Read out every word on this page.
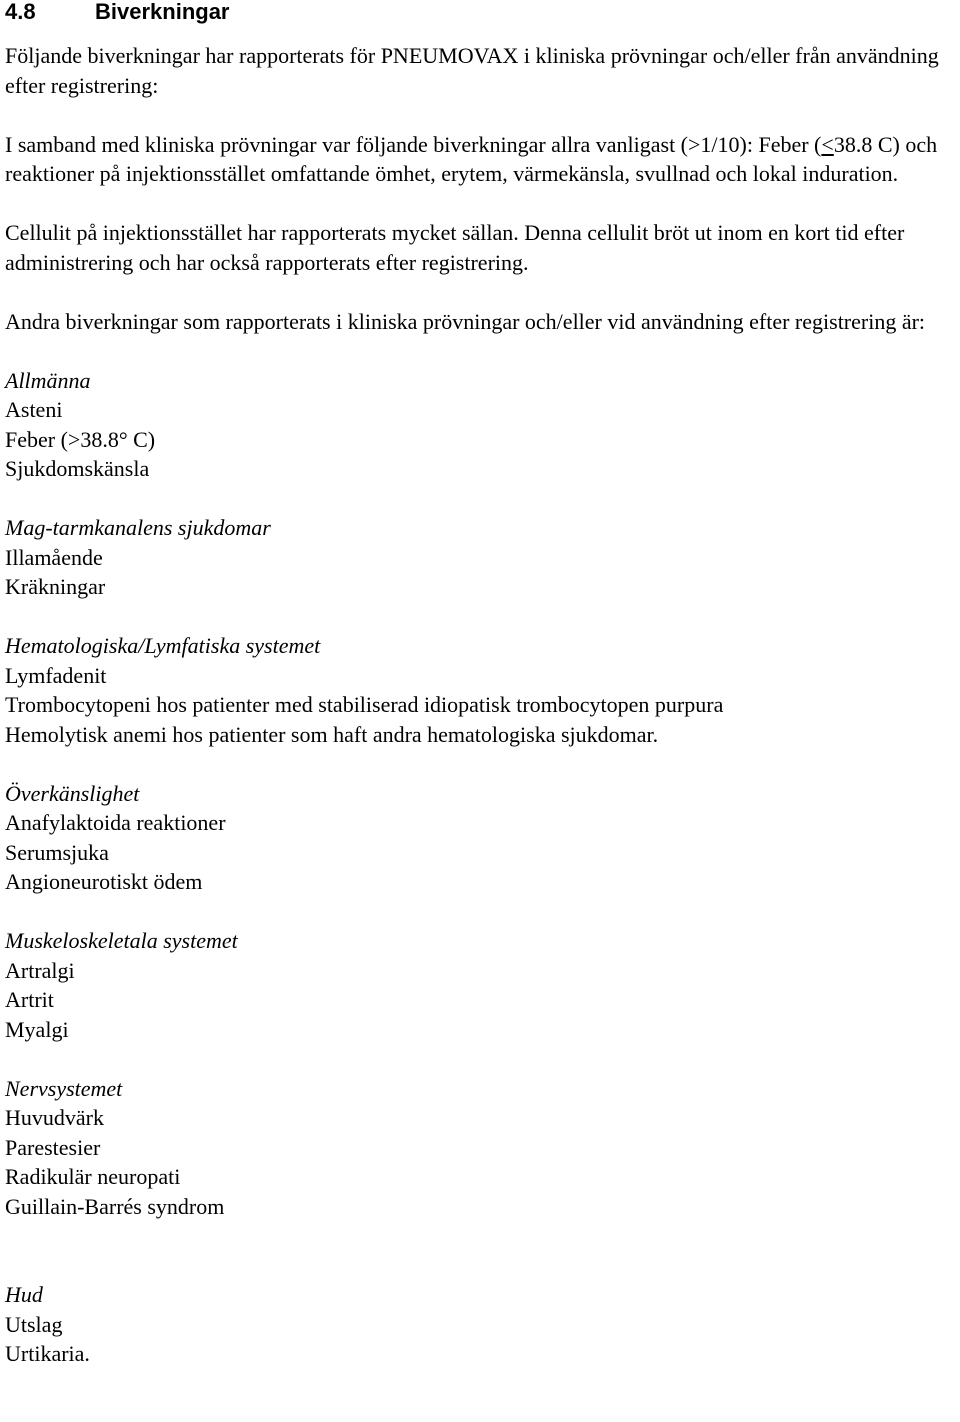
4.8	Biverkningar

Följande biverkningar har rapporterats för PNEUMOVAX i kliniska prövningar och/eller från användning efter registrering:

I samband med kliniska prövningar var följande biverkningar allra vanligast (>1/10): Feber (≤38.8 C) och reaktioner på injektionsstället omfattande ömhet, erytem, värmekänsla, svullnad och lokal induration.

Cellulit på injektionsstället har rapporterats mycket sällan. Denna cellulit bröt ut inom en kort tid efter administrering och har också rapporterats efter registrering.

Andra biverkningar som rapporterats i kliniska prövningar och/eller vid användning efter registrering är:

Allmänna
Asteni
Feber (>38.8° C)
Sjukdomskänsla
Mag-tarmkanalens sjukdomar
Illamående
Kräkningar
Hematologiska/Lymfatiska systemet
Lymfadenit
Trombocytopeni hos patienter med stabiliserad idiopatisk trombocytopen purpura
Hemolytisk anemi hos patienter som haft andra hematologiska sjukdomar.
Överkänslighet
Anafylaktoida reaktioner
Serumsjuka
Angioneurotiskt ödem
Muskeloskeletala systemet
Artralgi
Artrit
Myalgi
Nervsystemet
Huvudvärk
Parestesier
Radikulär neuropati
Guillain-Barrés syndrom
Hud
Utslag
Urtikaria.
